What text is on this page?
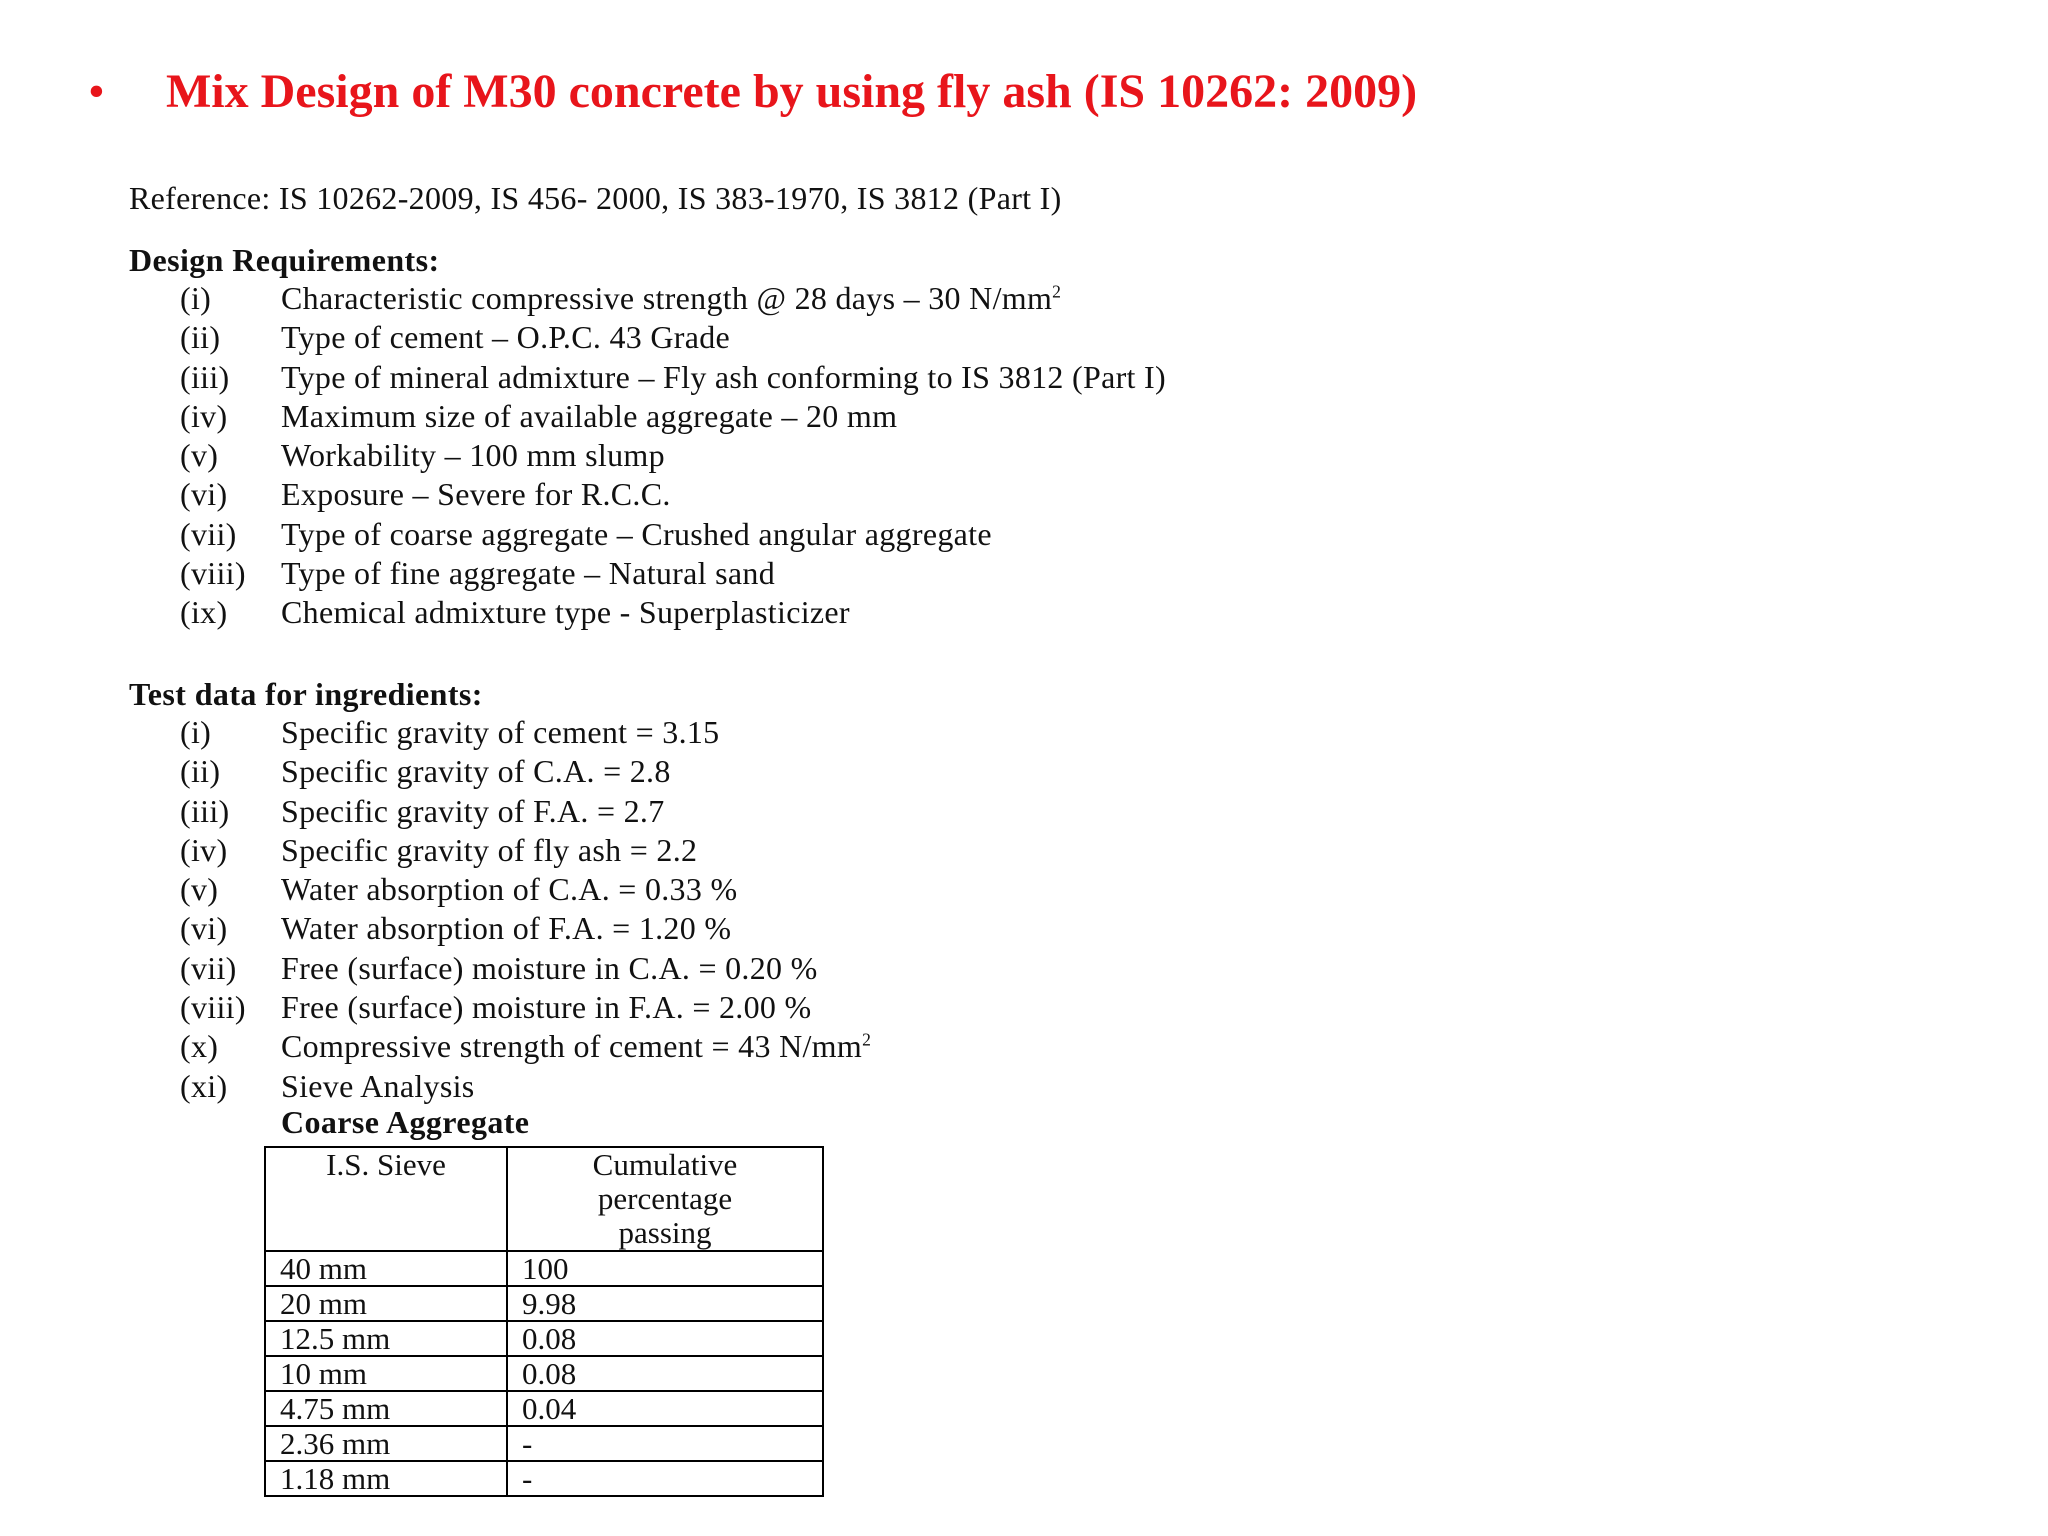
• Mix Design of M30 concrete by using fly ash (IS 10262: 2009)
Reference: IS 10262-2009, IS 456- 2000, IS 383-1970, IS 3812 (Part I)
Design Requirements:
(i) Characteristic compressive strength @ 28 days – 30 $N/mm^2$
(ii) Type of cement – O.P.C. 43 Grade
(iii) Type of mineral admixture – Fly ash conforming to IS 3812 (Part I)
(iv) Maximum size of available aggregate – 20 mm
(v) Workability – 100 mm slump
(vi) Exposure – Severe for R.C.C.
(vii) Type of coarse aggregate – Crushed angular aggregate
(viii) Type of fine aggregate – Natural sand
(ix) Chemical admixture type - Superplasticizer
Test data for ingredients:
(i) Specific gravity of cement = 3.15
(ii) Specific gravity of C.A. = 2.8
(iii) Specific gravity of F.A. = 2.7
(iv) Specific gravity of fly ash = 2.2
(v) Water absorption of C.A. = 0.33 %
(vi) Water absorption of F.A. = 1.20 %
(vii) Free (surface) moisture in C.A. = 0.20 %
(viii) Free (surface) moisture in F.A. = 2.00 %
(x) Compressive strength of cement = 43 $N/mm^2$
(xi) Sieve Analysis
Coarse Aggregate
I.S. Sieve	Cumulative percentage passing
40 mm	100
20 mm	9.98
12.5 mm	0.08
10 mm	0.08
4.75 mm	0.04
2.36 mm	-
1.18 mm	-
